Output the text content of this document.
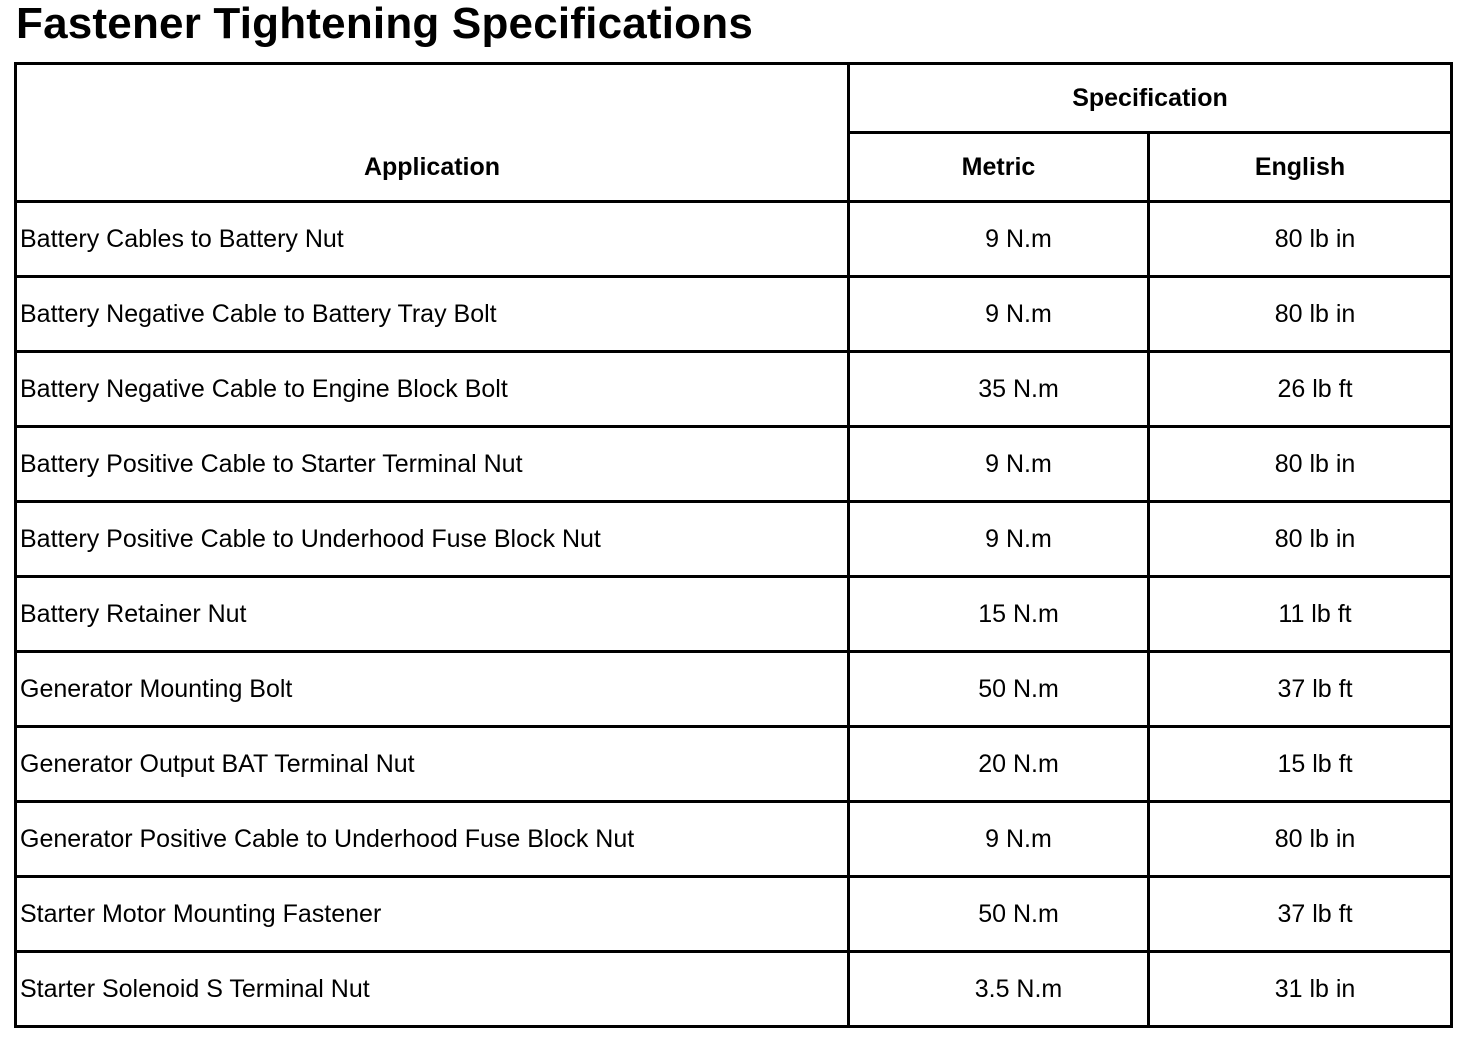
Fastener Tightening Specifications
Application	Specification	
	Metric	English
Battery Cables to Battery Nut	9 N.m	80 lb in
Battery Negative Cable to Battery Tray Bolt	9 N.m	80 lb in
Battery Negative Cable to Engine Block Bolt	35 N.m	26 lb ft
Battery Positive Cable to Starter Terminal Nut	9 N.m	80 lb in
Battery Positive Cable to Underhood Fuse Block Nut	9 N.m	80 lb in
Battery Retainer Nut	15 N.m	11 lb ft
Generator Mounting Bolt	50 N.m	37 lb ft
Generator Output BAT Terminal Nut	20 N.m	15 lb ft
Generator Positive Cable to Underhood Fuse Block Nut	9 N.m	80 lb in
Starter Motor Mounting Fastener	50 N.m	37 lb ft
Starter Solenoid S Terminal Nut	3.5 N.m	31 lb in
